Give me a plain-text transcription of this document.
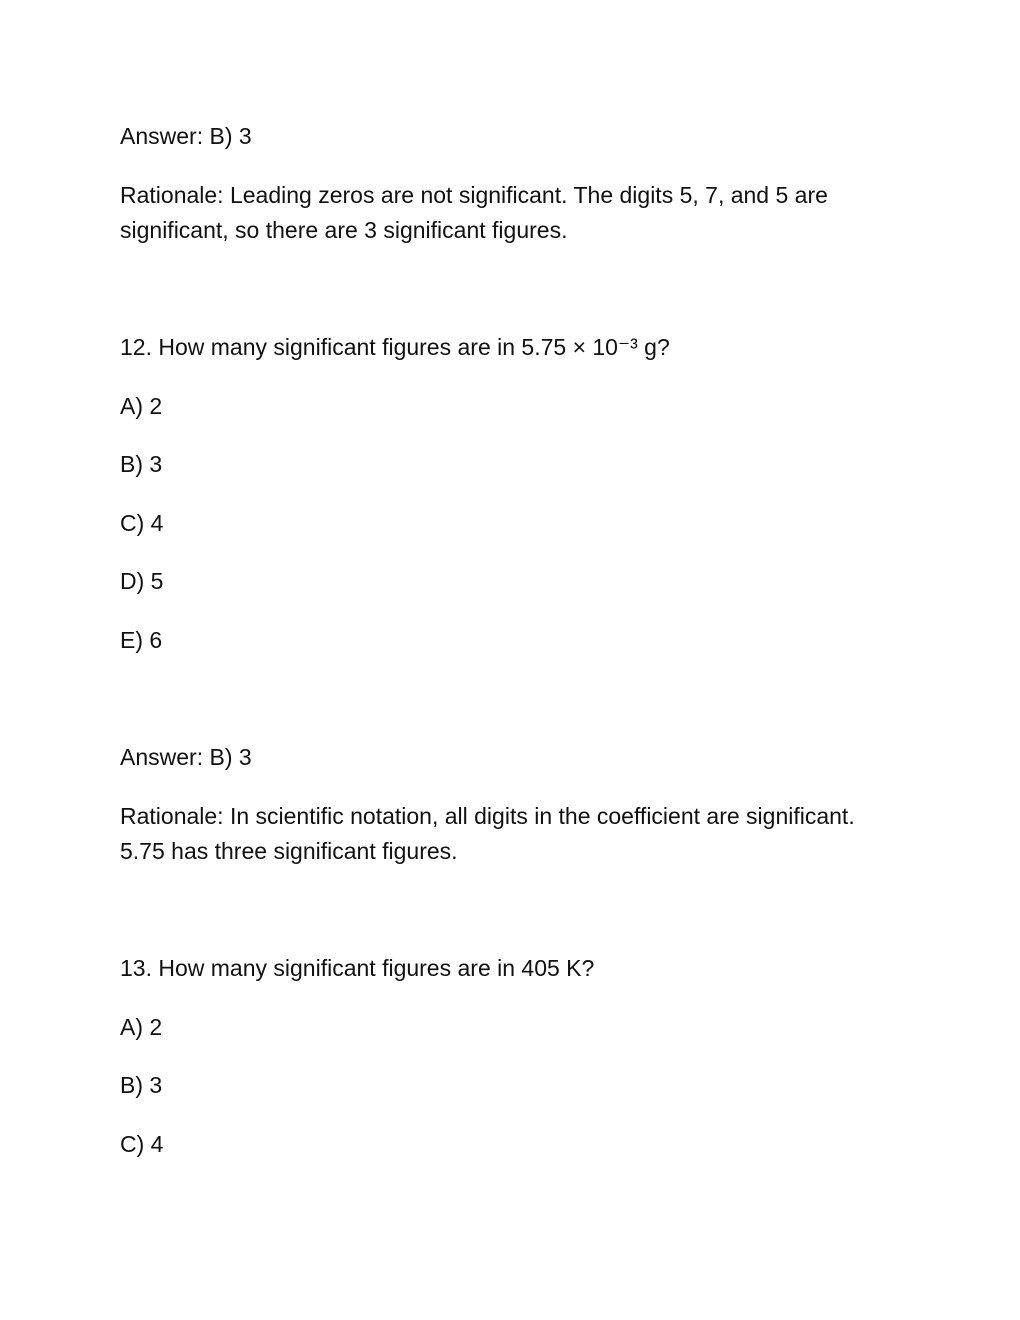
Answer: B) 3
Rationale: Leading zeros are not significant. The digits 5, 7, and 5 are significant, so there are 3 significant figures.
12. How many significant figures are in 5.75 × 10⁻³ g?
A) 2
B) 3
C) 4
D) 5
E) 6
Answer: B) 3
Rationale: In scientific notation, all digits in the coefficient are significant. 5.75 has three significant figures.
13. How many significant figures are in 405 K?
A) 2
B) 3
C) 4
